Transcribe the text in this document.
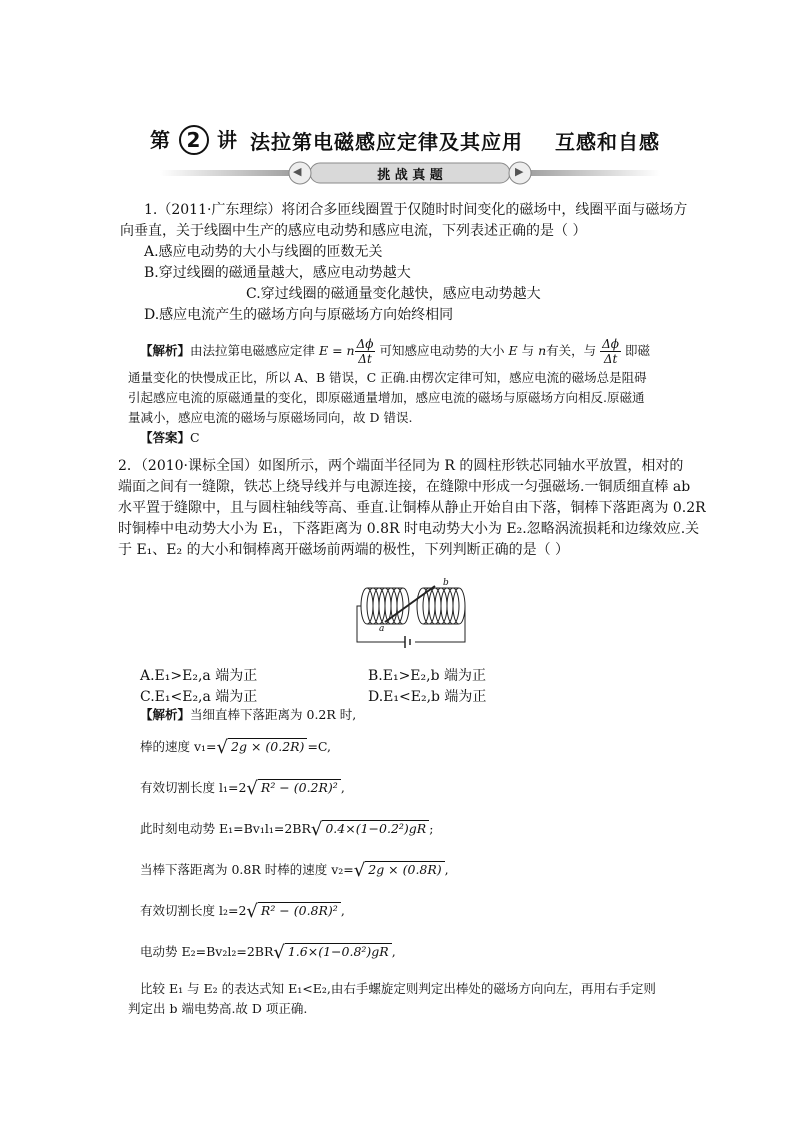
第 2 讲 法拉第电磁感应定律及其应用 互感和自感
◀	▶
挑 战 真 题
1.（2011·广东理综）将闭合多匝线圈置于仅随时时间变化的磁场中，线圈平面与磁场方
向垂直，关于线圈中生产的感应电动势和感应电流，下列表述正确的是（ ）
A.感应电动势的大小与线圈的匝数无关
B.穿过线圈的磁通量越大，感应电动势越大
C.穿过线圈的磁通量变化越快，感应电动势越大
D.感应电流产生的磁场方向与原磁场方向始终相同
【解析】由法拉第电磁感应定律 E = n $\frac{\Delta\phi}{\Delta t}$ 可知感应电动势的大小 E 与 n有关，与 $\frac{\Delta\phi}{\Delta t}$ 即磁
通量变化的快慢成正比，所以 A、B 错误，C 正确.由楞次定律可知，感应电流的磁场总是阻碍
引起感应电流的原磁通量的变化，即原磁通量增加，感应电流的磁场与原磁场方向相反.原磁通
量减小，感应电流的磁场与原磁场同向，故 D 错误.
【答案】C
2．（2010·课标全国）如图所示，两个端面半径同为 R 的圆柱形铁芯同轴水平放置，相对的
端面之间有一缝隙，铁芯上绕导线并与电源连接，在缝隙中形成一匀强磁场.一铜质细直棒 ab
水平置于缝隙中，且与圆柱轴线等高、垂直.让铜棒从静止开始自由下落，铜棒下落距离为 0.2R
时铜棒中电动势大小为 E₁，下落距离为 0.8R 时电动势大小为 E₂.忽略涡流损耗和边缘效应.关
于 E₁、E₂ 的大小和铜棒离开磁场前两端的极性，下列判断正确的是（ ）
a
b
A.E₁>E₂,a 端为正	B.E₁>E₂,b 端为正
C.E₁<E₂,a 端为正	D.E₁<E₂,b 端为正
【解析】当细直棒下落距离为 0.2R 时,
棒的速度 v₁=√ 2g × (0.2R) =C,
有效切割长度 l₁=2√ R² − (0.2R)² ,
此时刻电动势 E₁=Bv₁l₁=2BR√ 0.4×(1−0.2²)gR ;
当棒下落距离为 0.8R 时棒的速度 v₂=√ 2g × (0.8R) ,
有效切割长度 l₂=2√ R² − (0.8R)² ,
电动势 E₂=Bv₂l₂=2BR√ 1.6×(1−0.8²)gR ,
比较 E₁ 与 E₂ 的表达式知 E₁<E₂,由右手螺旋定则判定出棒处的磁场方向向左，再用右手定则
判定出 b 端电势高.故 D 项正确.
